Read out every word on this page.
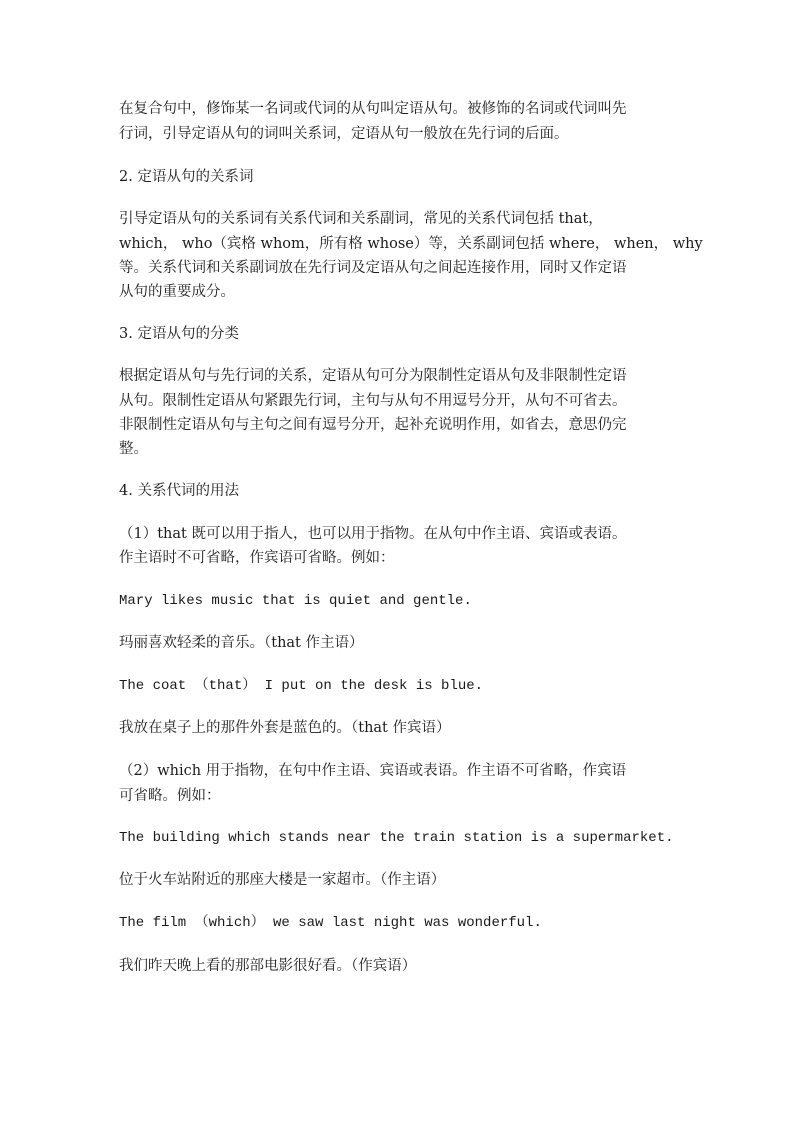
在复合句中，修饰某一名词或代词的从句叫定语从句。被修饰的名词或代词叫先
行词，引导定语从句的词叫关系词，定语从句一般放在先行词的后面。
2. 定语从句的关系词
引导定语从句的关系词有关系代词和关系副词，常见的关系代词包括 that，
which， who（宾格 whom，所有格 whose）等，关系副词包括 where， when， why
等。关系代词和关系副词放在先行词及定语从句之间起连接作用，同时又作定语
从句的重要成分。
3. 定语从句的分类
根据定语从句与先行词的关系，定语从句可分为限制性定语从句及非限制性定语
从句。限制性定语从句紧跟先行词，主句与从句不用逗号分开，从句不可省去。
非限制性定语从句与主句之间有逗号分开，起补充说明作用，如省去，意思仍完
整。
4. 关系代词的用法
（1）that 既可以用于指人，也可以用于指物。在从句中作主语、宾语或表语。
作主语时不可省略，作宾语可省略。例如：
Mary likes music that is quiet and gentle.
玛丽喜欢轻柔的音乐。（that 作主语）
The coat （that） I put on the desk is blue.
我放在桌子上的那件外套是蓝色的。（that 作宾语）
（2）which 用于指物，在句中作主语、宾语或表语。作主语不可省略，作宾语
可省略。例如：
The building which stands near the train station is a supermarket.
位于火车站附近的那座大楼是一家超市。（作主语）
The film （which） we saw last night was wonderful.
我们昨天晚上看的那部电影很好看。（作宾语）
